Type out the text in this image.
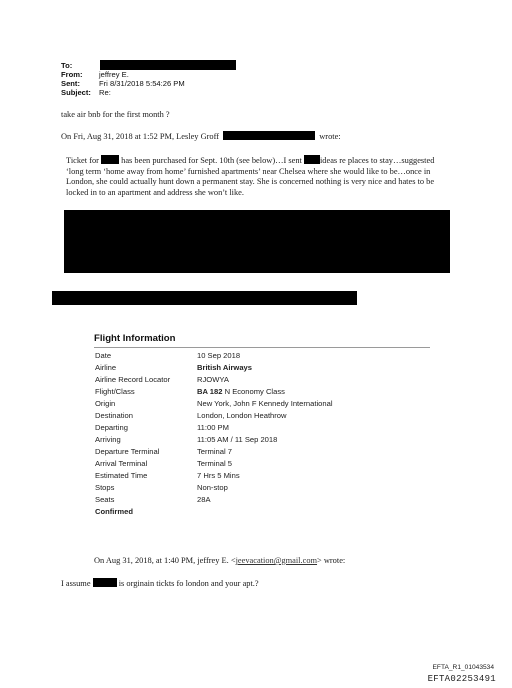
To:
From: jeffrey E.
Sent:	Fri 8/31/2018 5:54:26 PM
Subject: Re:
take air bnb for the first month ?
On Fri, Aug 31, 2018 at 1:52 PM, Lesley Groff	wrote:
Ticket for	has been purchased for Sept. 10th (see below)…I sent ideas re places to stay…suggested ‘long term ‘home away from home’ furnished apartments’ near Chelsea where she would like to be…once in London, she could actually hunt down a permanent stay. She is concerned nothing is very nice and hates to be locked in to an apartment and address she won’t like.
Flight Information
Date	10 Sep 2018
Airline	British Airways
Airline Record Locator	RJOWYA
Flight/Class	BA 182 N Economy Class
Origin	New York, John F Kennedy International
Destination	London, London Heathrow
Departing	11:00 PM
Arriving	11:05 AM / 11 Sep 2018
Departure Terminal	Terminal 7
Arrival Terminal	Terminal 5
Estimated Time	7 Hrs 5 Mins
Stops	Non-stop
Seats	28A
Confirmed
On Aug 31, 2018, at 1:40 PM, jeffrey E. <jeevacation@gmail.com> wrote:
I assume	is orginain tickts fo london and your apt.?
EFTA_R1_01043534
EFTA02253491
